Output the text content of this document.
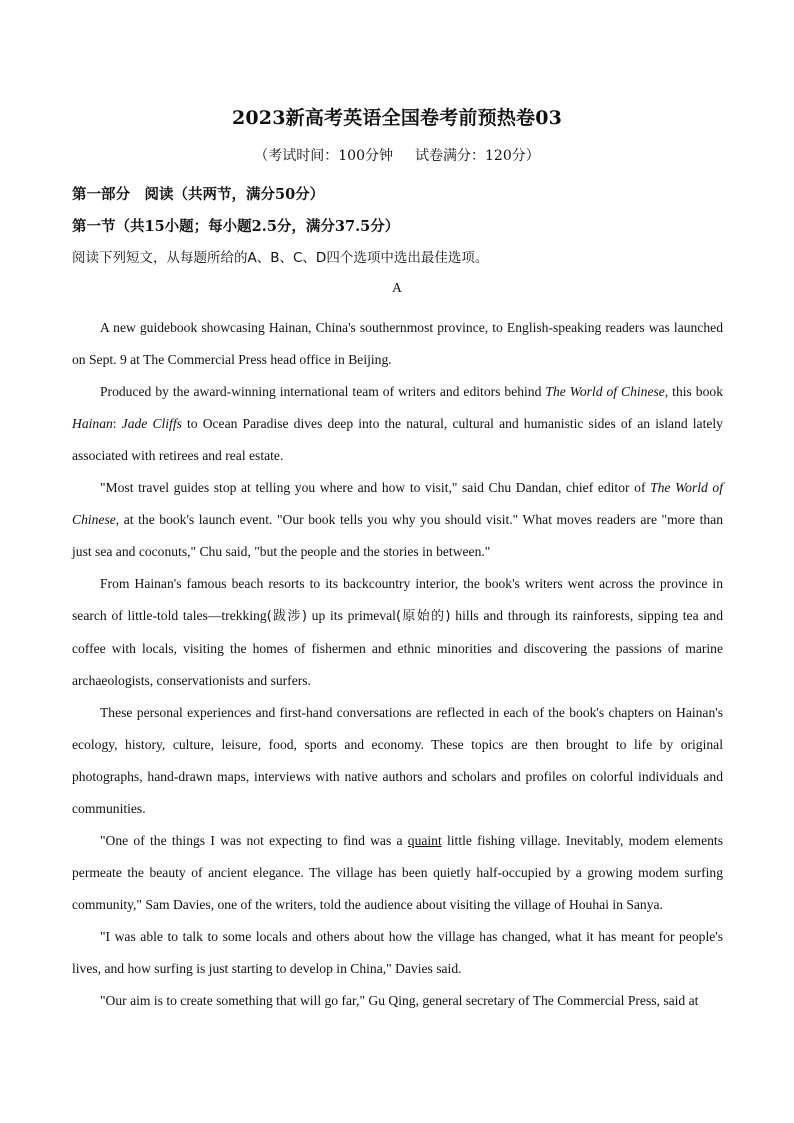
2023新高考英语全国卷考前预热卷03
（考试时间：100分钟 试卷满分：120分）
第一部分　阅读（共两节，满分50分）
第一节（共15小题；每小题2.5分，满分37.5分）
阅读下列短文，从每题所给的A、B、C、D四个选项中选出最佳选项。
A

A new guidebook showcasing Hainan, China's southernmost province, to English-speaking readers was launched on Sept. 9 at The Commercial Press head office in Beijing.

Produced by the award-winning international team of writers and editors behind The World of Chinese, this book Hainan: Jade Cliffs to Ocean Paradise dives deep into the natural, cultural and humanistic sides of an island lately associated with retirees and real estate.

"Most travel guides stop at telling you where and how to visit," said Chu Dandan, chief editor of The World of Chinese, at the book's launch event. "Our book tells you why you should visit." What moves readers are "more than just sea and coconuts," Chu said, "but the people and the stories in between."

From Hainan's famous beach resorts to its backcountry interior, the book's writers went across the province in search of little-told tales—trekking(跋涉) up its primeval(原始的) hills and through its rainforests, sipping tea and coffee with locals, visiting the homes of fishermen and ethnic minorities and discovering the passions of marine archaeologists, conservationists and surfers.

These personal experiences and first-hand conversations are reflected in each of the book's chapters on Hainan's ecology, history, culture, leisure, food, sports and economy. These topics are then brought to life by original photographs, hand-drawn maps, interviews with native authors and scholars and profiles on colorful individuals and communities.

"One of the things I was not expecting to find was a quaint little fishing village. Inevitably, modem elements permeate the beauty of ancient elegance. The village has been quietly half-occupied by a growing modem surfing community," Sam Davies, one of the writers, told the audience about visiting the village of Houhai in Sanya.

"I was able to talk to some locals and others about how the village has changed, what it has meant for people's lives, and how surfing is just starting to develop in China," Davies said.

"Our aim is to create something that will go far," Gu Qing, general secretary of The Commercial Press, said at
